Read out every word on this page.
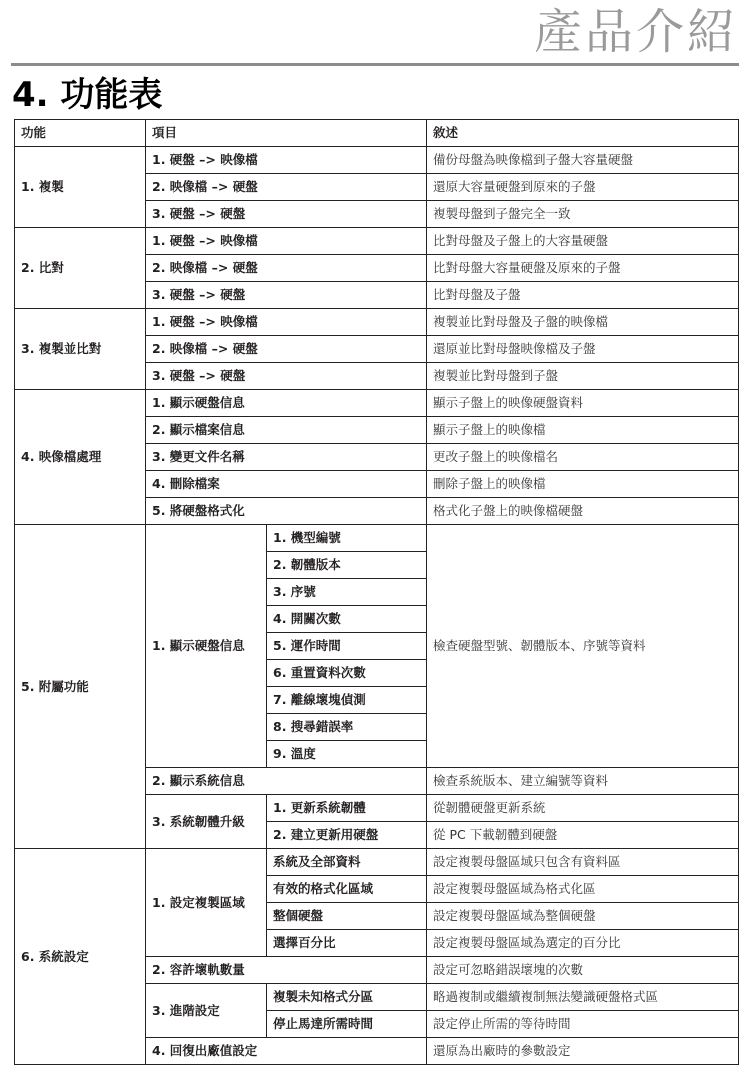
產品介紹
4. 功能表
功能	項目		敘述
1. 複製	1. 硬盤 –> 映像檔		備份母盤為映像檔到子盤大容量硬盤
	2. 映像檔 –> 硬盤		還原大容量硬盤到原來的子盤
	3. 硬盤 –> 硬盤		複製母盤到子盤完全一致
2. 比對	1. 硬盤 –> 映像檔		比對母盤及子盤上的大容量硬盤
	2. 映像檔 –> 硬盤		比對母盤大容量硬盤及原來的子盤
	3. 硬盤 –> 硬盤		比對母盤及子盤
3. 複製並比對	1. 硬盤 –> 映像檔		複製並比對母盤及子盤的映像檔
	2. 映像檔 –> 硬盤		還原並比對母盤映像檔及子盤
	3. 硬盤 –> 硬盤		複製並比對母盤到子盤
4. 映像檔處理	1. 顯示硬盤信息		顯示子盤上的映像硬盤資料
	2. 顯示檔案信息		顯示子盤上的映像檔
	3. 變更文件名稱		更改子盤上的映像檔名
	4. 刪除檔案		刪除子盤上的映像檔
	5. 將硬盤格式化		格式化子盤上的映像檔硬盤
5. 附屬功能	1. 顯示硬盤信息	1. 機型編號	檢查硬盤型號、韌體版本、序號等資料
		2. 韌體版本	
		3. 序號	
		4. 開關次數	
		5. 運作時間	
		6. 重置資料次數	
		7. 離線壞塊偵測	
		8. 搜尋錯誤率	
		9. 溫度	
	2. 顯示系統信息		檢查系統版本、建立編號等資料
	3. 系統韌體升級	1. 更新系統韌體	從韌體硬盤更新系統
		2. 建立更新用硬盤	從 PC 下載韌體到硬盤
6. 系統設定	1. 設定複製區域	系統及全部資料	設定複製母盤區域只包含有資料區
		有效的格式化區域	設定複製母盤區域為格式化區
		整個硬盤	設定複製母盤區域為整個硬盤
		選擇百分比	設定複製母盤區域為選定的百分比
	2. 容許壞軌數量		設定可忽略錯誤壞塊的次數
	3. 進階設定	複製未知格式分區	略過複制或繼續複制無法變識硬盤格式區
		停止馬達所需時間	設定停止所需的等待時間
	4. 回復出廠值設定		還原為出廠時的參數設定
